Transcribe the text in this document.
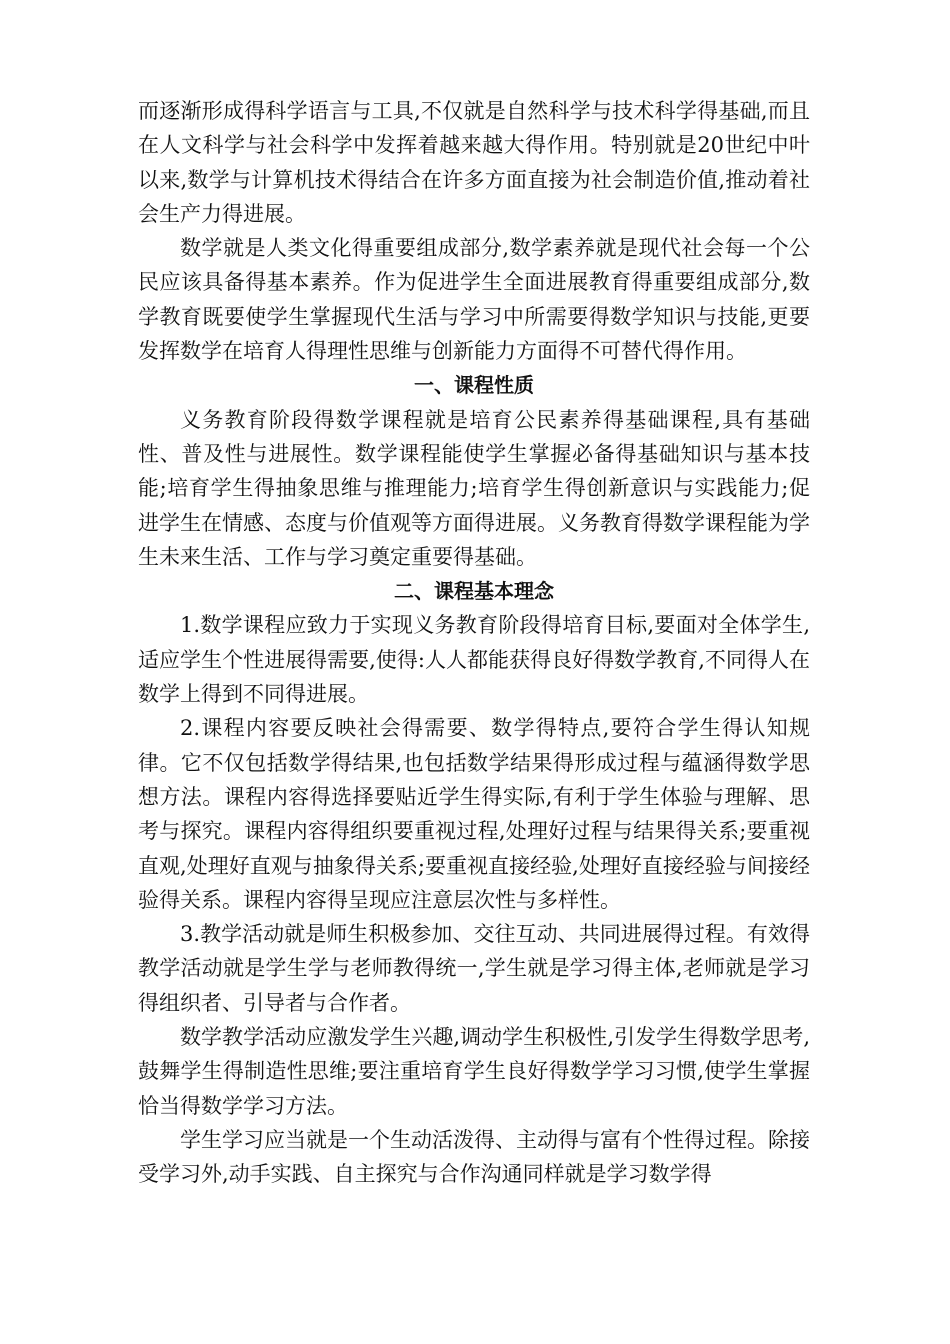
而逐渐形成得科学语言与工具,不仅就是自然科学与技术科学得基础,而且在人文科学与社会科学中发挥着越来越大得作用。特别就是20世纪中叶以来,数学与计算机技术得结合在许多方面直接为社会制造价值,推动着社会生产力得进展。

数学就是人类文化得重要组成部分,数学素养就是现代社会每一个公民应该具备得基本素养。作为促进学生全面进展教育得重要组成部分,数学教育既要使学生掌握现代生活与学习中所需要得数学知识与技能,更要发挥数学在培育人得理性思维与创新能力方面得不可替代得作用。

一、课程性质

义务教育阶段得数学课程就是培育公民素养得基础课程,具有基础性、普及性与进展性。数学课程能使学生掌握必备得基础知识与基本技能;培育学生得抽象思维与推理能力;培育学生得创新意识与实践能力;促进学生在情感、态度与价值观等方面得进展。义务教育得数学课程能为学生未来生活、工作与学习奠定重要得基础。

二、课程基本理念

1.数学课程应致力于实现义务教育阶段得培育目标,要面对全体学生,适应学生个性进展得需要,使得:人人都能获得良好得数学教育,不同得人在数学上得到不同得进展。

2.课程内容要反映社会得需要、数学得特点,要符合学生得认知规律。它不仅包括数学得结果,也包括数学结果得形成过程与蕴涵得数学思想方法。课程内容得选择要贴近学生得实际,有利于学生体验与理解、思考与探究。课程内容得组织要重视过程,处理好过程与结果得关系;要重视直观,处理好直观与抽象得关系;要重视直接经验,处理好直接经验与间接经验得关系。课程内容得呈现应注意层次性与多样性。

3.教学活动就是师生积极参加、交往互动、共同进展得过程。有效得教学活动就是学生学与老师教得统一,学生就是学习得主体,老师就是学习得组织者、引导者与合作者。

数学教学活动应激发学生兴趣,调动学生积极性,引发学生得数学思考,鼓舞学生得制造性思维;要注重培育学生良好得数学学习习惯,使学生掌握恰当得数学学习方法。

学生学习应当就是一个生动活泼得、主动得与富有个性得过程。除接受学习外,动手实践、自主探究与合作沟通同样就是学习数学得
